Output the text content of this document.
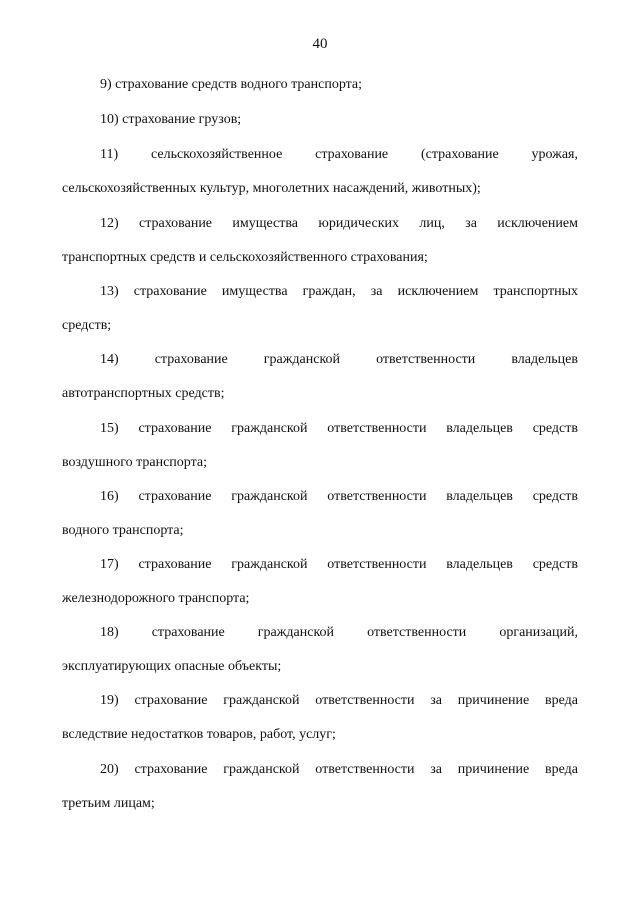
40
9) страхование средств водного транспорта;
10) страхование грузов;
11) сельскохозяйственное страхование (страхование урожая,
сельскохозяйственных культур, многолетних насаждений, животных);
12) страхование имущества юридических лиц, за исключением
транспортных средств и сельскохозяйственного страхования;
13) страхование имущества граждан, за исключением транспортных
средств;
14) страхование гражданской ответственности владельцев
автотранспортных средств;
15) страхование гражданской ответственности владельцев средств
воздушного транспорта;
16) страхование гражданской ответственности владельцев средств
водного транспорта;
17) страхование гражданской ответственности владельцев средств
железнодорожного транспорта;
18) страхование гражданской ответственности организаций,
эксплуатирующих опасные объекты;
19) страхование гражданской ответственности за причинение вреда
вследствие недостатков товаров, работ, услуг;
20) страхование гражданской ответственности за причинение вреда
третьим лицам;
